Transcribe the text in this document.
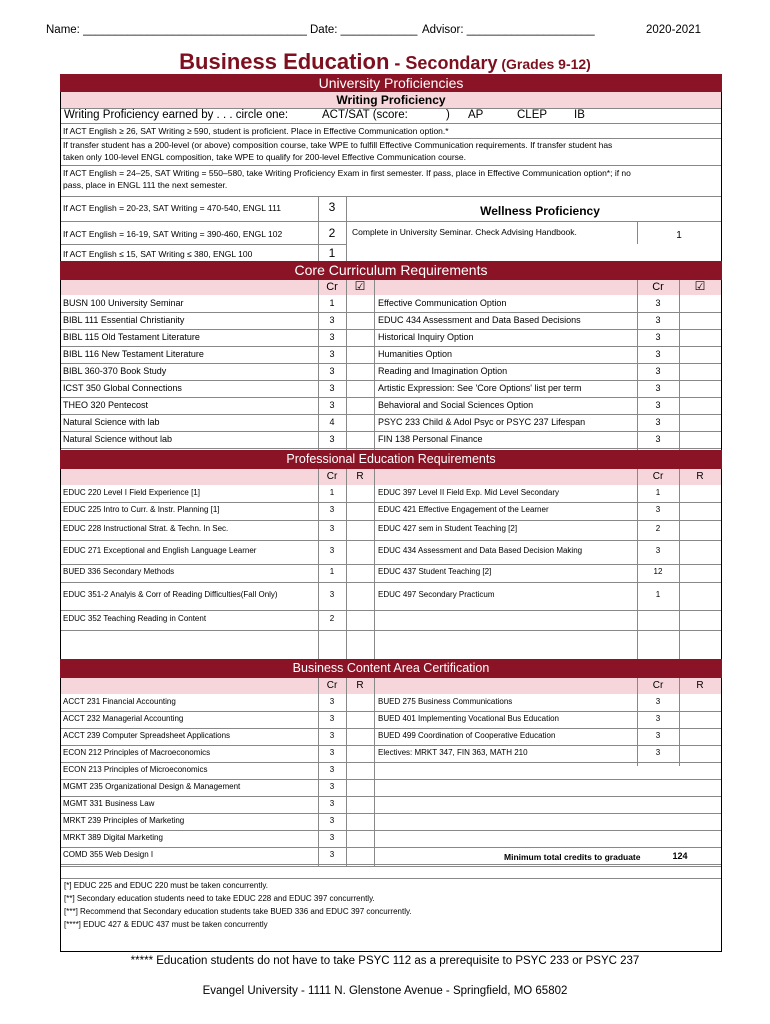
Name: ___________________________________ Date: ____________ Advisor: ____________________	2020-2021
Business Education - Secondary (Grades 9-12)
University Proficiencies
Writing Proficiency
Writing Proficiency earned by . . . circle one:	ACT/SAT (score:	) AP	CLEP IB
If ACT English ≥ 26, SAT Writing ≥ 590, student is proficient. Place in Effective Communication option.*
If transfer student has a 200-level (or above) composition course, take WPE to fulfill Effective Communication requirements. If transfer student has
taken only 100-level ENGL composition, take WPE to qualify for 200-level Effective Communication course.
If ACT English = 24–25, SAT Writing = 550–580, take Writing Proficiency Exam in first semester. If pass, place in Effective Communication option*; if no
pass, place in ENGL 111 the next semester.
If ACT English = 20-23, SAT Writing = 470-540, ENGL 111	3
If ACT English = 16-19, SAT Writing = 390-460, ENGL 102	2
If ACT English ≤ 15, SAT Writing ≤ 380, ENGL 100	1
Wellness Proficiency
Complete in University Seminar. Check Advising Handbook.	1
Core Curriculum Requirements
Cr	☑	Cr	☑
BUSN 100 University Seminar	1	Effective Communication Option	3
BIBL 111 Essential Christianity	3	EDUC 434 Assessment and Data Based Decisions	3
BIBL 115 Old Testament Literature	3	Historical Inquiry Option	3
BIBL 116 New Testament Literature	3	Humanities Option	3
BIBL 360-370 Book Study	3	Reading and Imagination Option	3
ICST 350 Global Connections	3	Artistic Expression: See 'Core Options' list per term	3
THEO 320 Pentecost	3	Behavioral and Social Sciences Option	3
Natural Science with lab	4	PSYC 233 Child & Adol Psyc or PSYC 237 Lifespan	3
Natural Science without lab	3	FIN 138 Personal Finance	3
Professional Education Requirements
Cr	R	Cr	R
EDUC 220 Level I Field Experience [1]	1	EDUC 397 Level II Field Exp. Mid Level Secondary	1
EDUC 225 Intro to Curr. & Instr. Planning [1]	3	EDUC 421 Effective Engagement of the Learner	3
EDUC 228 Instructional Strat. & Techn. In Sec.	3	EDUC 427 sem in Student Teaching [2]	2
EDUC 271 Exceptional and English Language Learner	3	EDUC 434 Assessment and Data Based Decision Making	3
BUED 336 Secondary Methods	1	EDUC 437 Student Teaching [2]	12
EDUC 351-2 Analyis & Corr of Reading Difficulties(Fall Only)	3	EDUC 497 Secondary Practicum	1
EDUC 352 Teaching Reading in Content	2
Business Content Area Certification
Cr	R	Cr	R
ACCT 231 Financial Accounting	3	BUED 275 Business Communications	3
ACCT 232 Managerial Accounting	3	BUED 401 Implementing Vocational Bus Education	3
ACCT 239 Computer Spreadsheet Applications	3	BUED 499 Coordination of Cooperative Education	3
ECON 212 Principles of Macroeconomics	3	Electives: MRKT 347, FIN 363, MATH 210	3
ECON 213 Principles of Microeconomics	3
MGMT 235 Organizational Design & Management	3
MGMT 331 Business Law	3
MRKT 239 Principles of Marketing	3
MRKT 389 Digital Marketing	3
COMD 355 Web Design I	3	Minimum total credits to graduate	124
[*] EDUC 225 and EDUC 220 must be taken concurrently.
[**] Secondary education students need to take EDUC 228 and EDUC 397 concurrently.
[***] Recommend that Secondary education students take BUED 336 and EDUC 397 concurrently.
[****] EDUC 427 & EDUC 437 must be taken concurrently
***** Education students do not have to take PSYC 112 as a prerequisite to PSYC 233 or PSYC 237
Evangel University - 1111 N. Glenstone Avenue - Springfield, MO 65802
